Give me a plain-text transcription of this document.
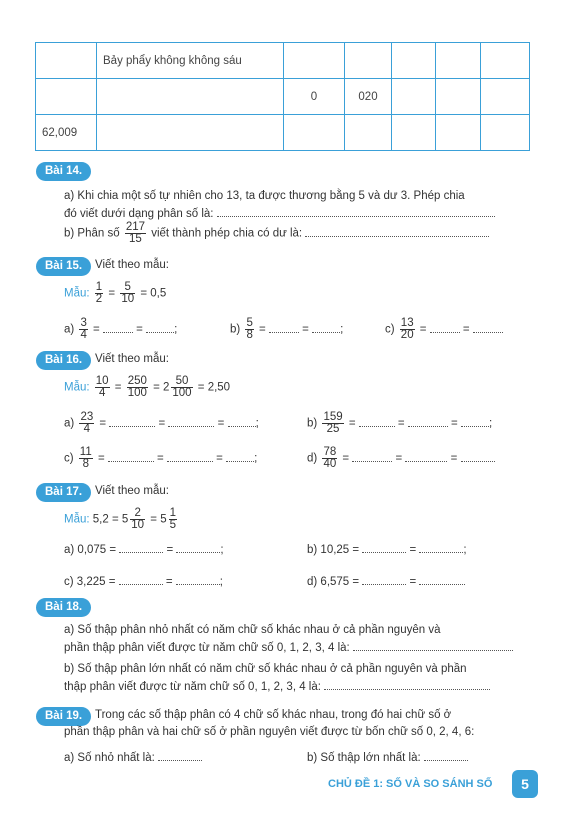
	Bảy phẩy không không sáu					
		0	020			
62,009						
Bài 14.
a) Khi chia một số tự nhiên cho 13, ta được thương bằng 5 và dư 3. Phép chia
đó viết dưới dạng phân số là:
b) Phân số $\frac{217}{15}$ viết thành phép chia có dư là:
Bài 15.	Viết theo mẫu:
Mẫu: $\frac{1}{2} = \frac{5}{10} = 0,5$
$a) \frac{3}{4}$ =	= ;	$b) \frac{5}{8}$ =	= ;	$c) \frac{13}{20}$ =	=
Bài 16.	Viết theo mẫu:
Mẫu: $\frac{10}{4} = \frac{250}{100} = 2 \frac{50}{100} = 2,50$
$a) \frac{23}{4}$ =	=	= ;	$b) \frac{159}{25}$ =	=	= ;
$c) \frac{11}{8}$ =	=	= ;	$d) \frac{78}{40}$ =	=	=
Bài 17.	Viết theo mẫu:
Mẫu: $5,2 = 5 \frac{2}{10} = 5 \frac{1}{5}$
a) 0,075 =	=	;	b) 10,25 =	=	;
c) 3,225 =	=	;	d) 6,575 =	=
Bài 18.
a) Số thập phân nhỏ nhất có năm chữ số khác nhau ở cả phần nguyên và
phần thập phân viết được từ năm chữ số 0, 1, 2, 3, 4 là:
b) Số thập phân lớn nhất có năm chữ số khác nhau ở cả phần nguyên và phần
thập phân viết được từ năm chữ số 0, 1, 2, 3, 4 là:
Bài 19.	Trong các số thập phân có 4 chữ số khác nhau, trong đó hai chữ số ở
phần thập phân và hai chữ số ở phần nguyên viết được từ bốn chữ số 0, 2, 4, 6:
a) Số nhỏ nhất là:	b) Số thập lớn nhất là:
CHỦ ĐỀ 1: SỐ VÀ SO SÁNH SỐ	5
